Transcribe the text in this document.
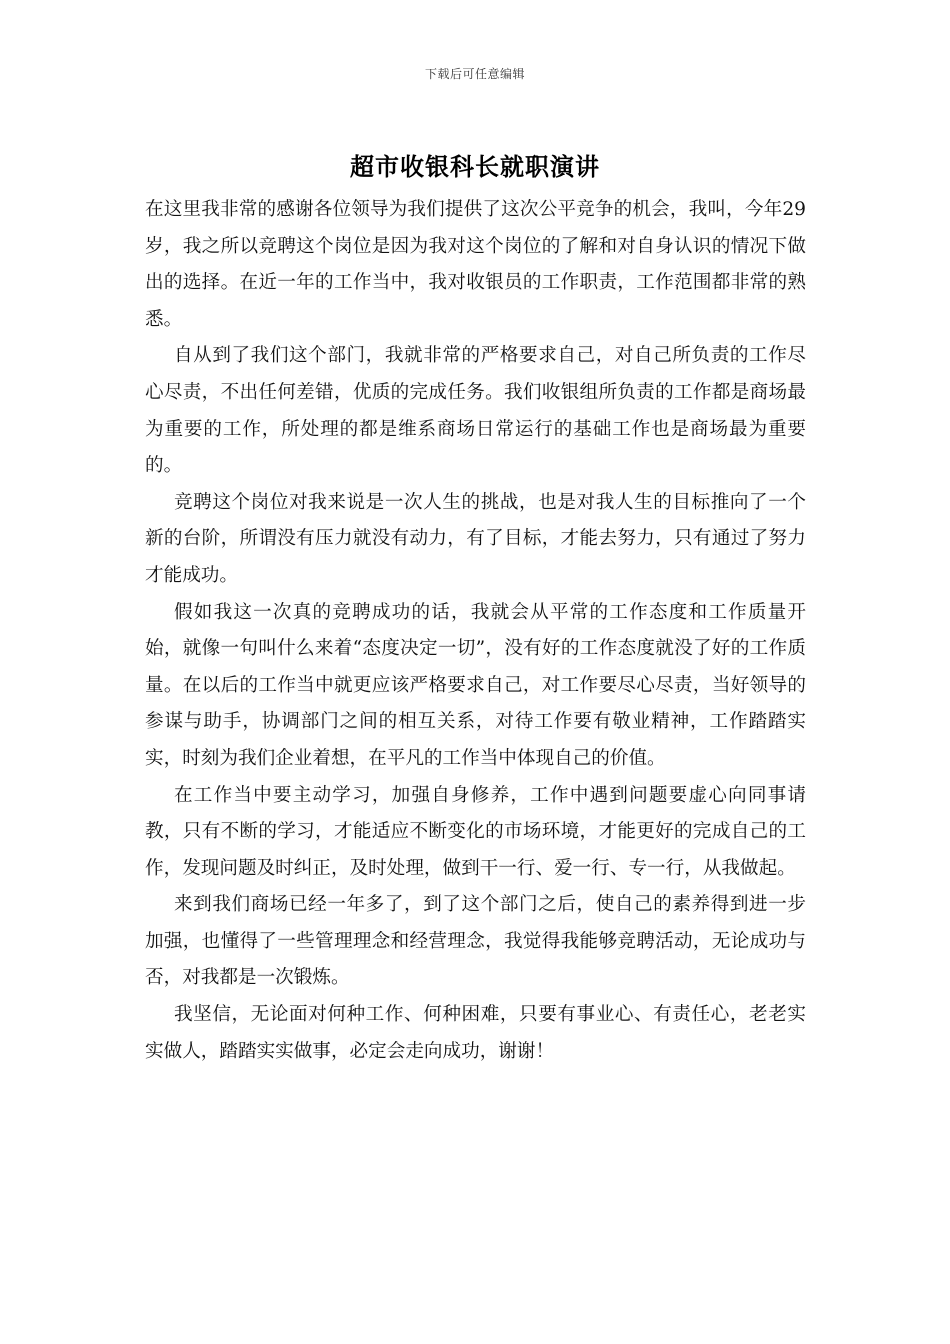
下载后可任意编辑
超市收银科长就职演讲

在这里我非常的感谢各位领导为我们提供了这次公平竞争的机会，我叫，今年29岁，我之所以竞聘这个岗位是因为我对这个岗位的了解和对自身认识的情况下做出的选择。在近一年的工作当中，我对收银员的工作职责，工作范围都非常的熟悉。

自从到了我们这个部门，我就非常的严格要求自己，对自己所负责的工作尽心尽责，不出任何差错，优质的完成任务。我们收银组所负责的工作都是商场最为重要的工作，所处理的都是维系商场日常运行的基础工作也是商场最为重要的。

竞聘这个岗位对我来说是一次人生的挑战，也是对我人生的目标推向了一个新的台阶，所谓没有压力就没有动力，有了目标，才能去努力，只有通过了努力才能成功。

假如我这一次真的竞聘成功的话，我就会从平常的工作态度和工作质量开始，就像一句叫什么来着“态度决定一切”，没有好的工作态度就没了好的工作质量。在以后的工作当中就更应该严格要求自己，对工作要尽心尽责，当好领导的参谋与助手，协调部门之间的相互关系，对待工作要有敬业精神，工作踏踏实实，时刻为我们企业着想，在平凡的工作当中体现自己的价值。

在工作当中要主动学习，加强自身修养，工作中遇到问题要虚心向同事请教，只有不断的学习，才能适应不断变化的市场环境，才能更好的完成自己的工作，发现问题及时纠正，及时处理，做到干一行、爱一行、专一行，从我做起。

来到我们商场已经一年多了，到了这个部门之后，使自己的素养得到进一步加强，也懂得了一些管理理念和经营理念，我觉得我能够竞聘活动，无论成功与否，对我都是一次锻炼。

我坚信，无论面对何种工作、何种困难，只要有事业心、有责任心，老老实实做人，踏踏实实做事，必定会走向成功，谢谢！
